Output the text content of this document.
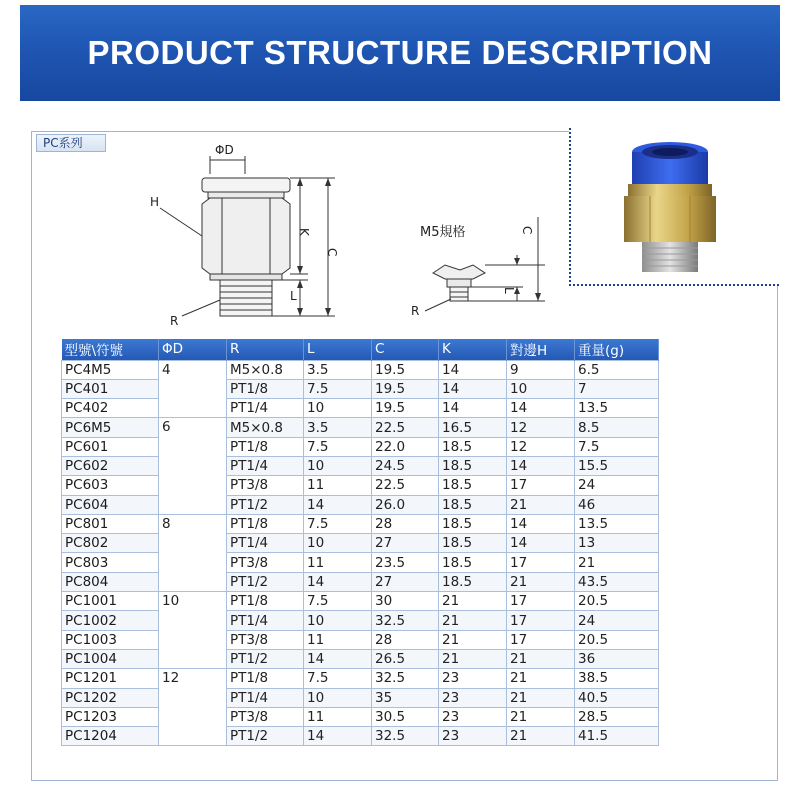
PRODUCT STRUCTURE DESCRIPTION
PC系列	ΦD
H
K
C
L
R
M5規格	C
L
R
型號\符號	ΦD	R	L	C	K	對邊H	重量(g)
PC4M5	4	M5×0.8	3.5	19.5	14	9	6.5
PC401		PT1/8	7.5	19.5	14	10	7
PC402		PT1/4	10	19.5	14	14	13.5
PC6M5	6	M5×0.8	3.5	22.5	16.5	12	8.5
PC601		PT1/8	7.5	22.0	18.5	12	7.5
PC602		PT1/4	10	24.5	18.5	14	15.5
PC603		PT3/8	11	22.5	18.5	17	24
PC604		PT1/2	14	26.0	18.5	21	46
PC801	8	PT1/8	7.5	28	18.5	14	13.5
PC802		PT1/4	10	27	18.5	14	13
PC803		PT3/8	11	23.5	18.5	17	21
PC804		PT1/2	14	27	18.5	21	43.5
PC1001	10	PT1/8	7.5	30	21	17	20.5
PC1002		PT1/4	10	32.5	21	17	24
PC1003		PT3/8	11	28	21	17	20.5
PC1004		PT1/2	14	26.5	21	21	36
PC1201	12	PT1/8	7.5	32.5	23	21	38.5
PC1202		PT1/4	10	35	23	21	40.5
PC1203		PT3/8	11	30.5	23	21	28.5
PC1204		PT1/2	14	32.5	23	21	41.5
